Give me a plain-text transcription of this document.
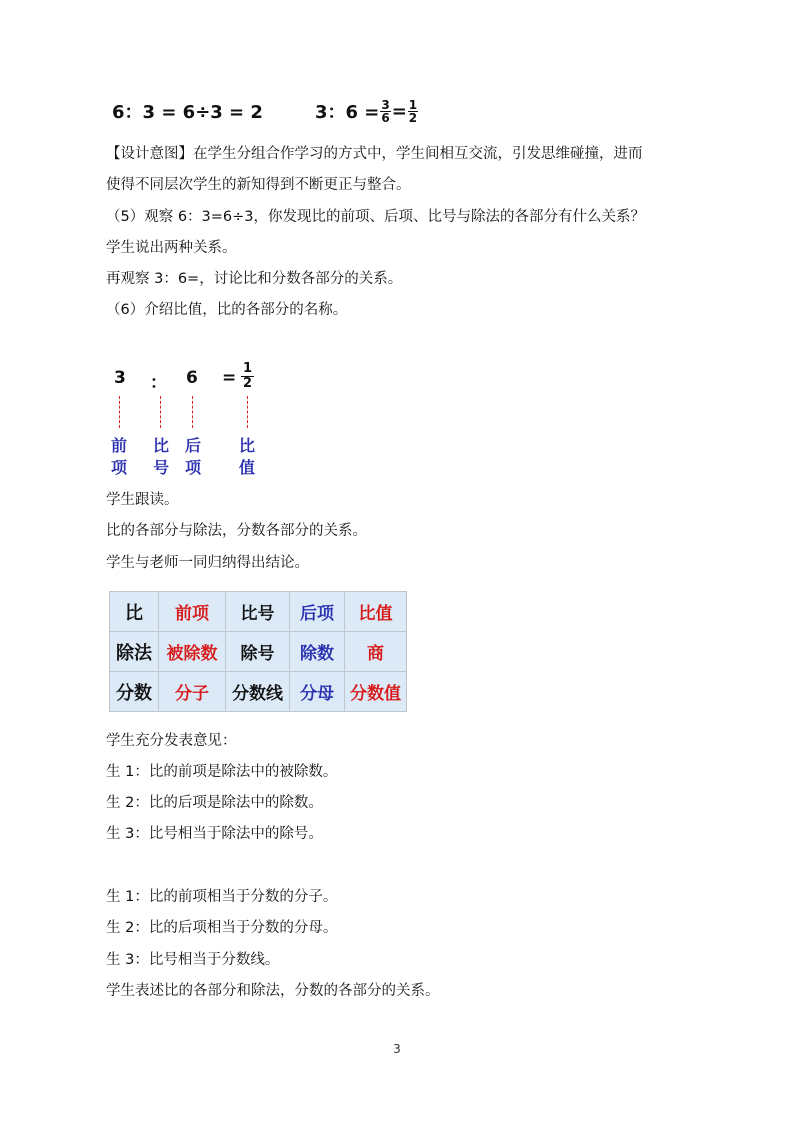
6：3 = 6÷3 = 2	3：$6 = \frac{3}{6} = \frac{1}{2}$
【设计意图】在学生分组合作学习的方式中，学生间相互交流，引发思维碰撞，进而
使得不同层次学生的新知得到不断更正与整合。
（5）观察 6：3=6÷3，你发现比的前项、后项、比号与除法的各部分有什么关系？
学生说出两种关系。
再观察 3：6=，讨论比和分数各部分的关系。
（6）介绍比值，比的各部分的名称。
3 ： $6 = \frac{1}{2}$
前
项
比
号
后
项
比
值
学生跟读。
比的各部分与除法，分数各部分的关系。
学生与老师一同归纳得出结论。
比	前项	比号	后项	比值
除法	被除数	除号	除数	商
分数	分子	分数线	分母	分数值
学生充分发表意见：
生 1：比的前项是除法中的被除数。
生 2：比的后项是除法中的除数。
生 3：比号相当于除法中的除号。
生 1：比的前项相当于分数的分子。
生 2：比的后项相当于分数的分母。
生 3：比号相当于分数线。
学生表述比的各部分和除法，分数的各部分的关系。
3
